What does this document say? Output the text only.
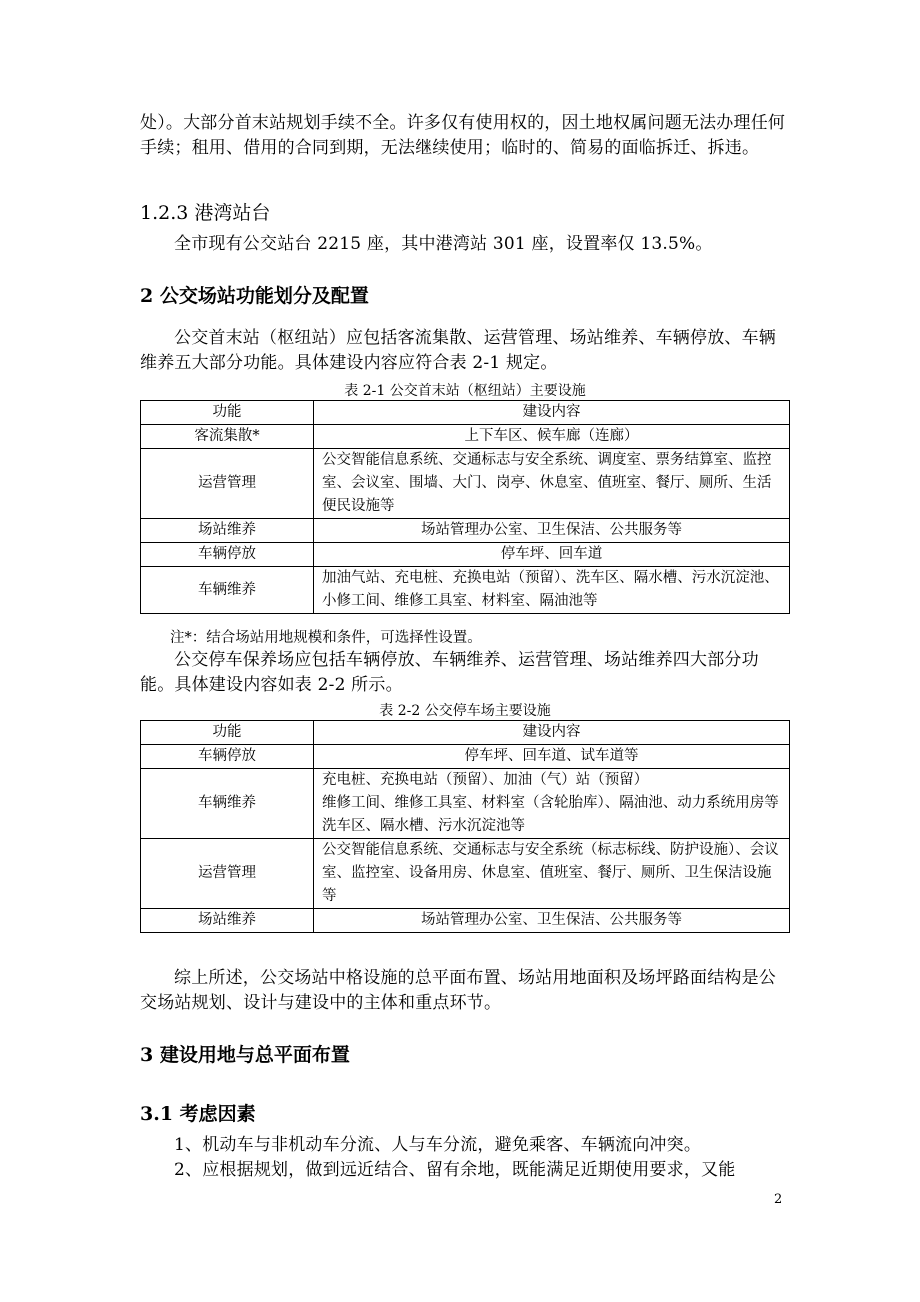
处）。大部分首末站规划手续不全。许多仅有使用权的，因土地权属问题无法办理任何手续；租用、借用的合同到期，无法继续使用；临时的、简易的面临拆迁、拆违。
1.2.3 港湾站台
全市现有公交站台 2215 座，其中港湾站 301 座，设置率仅 13.5%。
2 公交场站功能划分及配置
公交首末站（枢纽站）应包括客流集散、运营管理、场站维养、车辆停放、车辆维养五大部分功能。具体建设内容应符合表 2-1 规定。
表 2-1 公交首末站（枢纽站）主要设施
功能	建设内容
客流集散*	上下车区、候车廊（连廊）
运营管理	公交智能信息系统、交通标志与安全系统、调度室、票务结算室、监控室、会议室、围墙、大门、岗亭、休息室、值班室、餐厅、厕所、生活便民设施等
场站维养	场站管理办公室、卫生保洁、公共服务等
车辆停放	停车坪、回车道
车辆维养	加油气站、充电桩、充换电站（预留）、洗车区、隔水槽、污水沉淀池、小修工间、维修工具室、材料室、隔油池等
注*：结合场站用地规模和条件，可选择性设置。
公交停车保养场应包括车辆停放、车辆维养、运营管理、场站维养四大部分功能。具体建设内容如表 2-2 所示。
表 2-2 公交停车场主要设施
功能	建设内容
车辆停放	停车坪、回车道、试车道等

车辆维养	充电桩、充换电站（预留）、加油（气）站（预留）
维修工间、维修工具室、材料室（含轮胎库）、隔油池、动力系统用房等
洗车区、隔水槽、污水沉淀池等

运营管理	公交智能信息系统、交通标志与安全系统（标志标线、防护设施）、会议室、监控室、设备用房、休息室、值班室、餐厅、厕所、卫生保洁设施等

场站维养	场站管理办公室、卫生保洁、公共服务等
综上所述，公交场站中格设施的总平面布置、场站用地面积及场坪路面结构是公交场站规划、设计与建设中的主体和重点环节。
3 建设用地与总平面布置
3.1 考虑因素
1、机动车与非机动车分流、人与车分流，避免乘客、车辆流向冲突。
2、应根据规划，做到远近结合、留有余地，既能满足近期使用要求，又能
2
